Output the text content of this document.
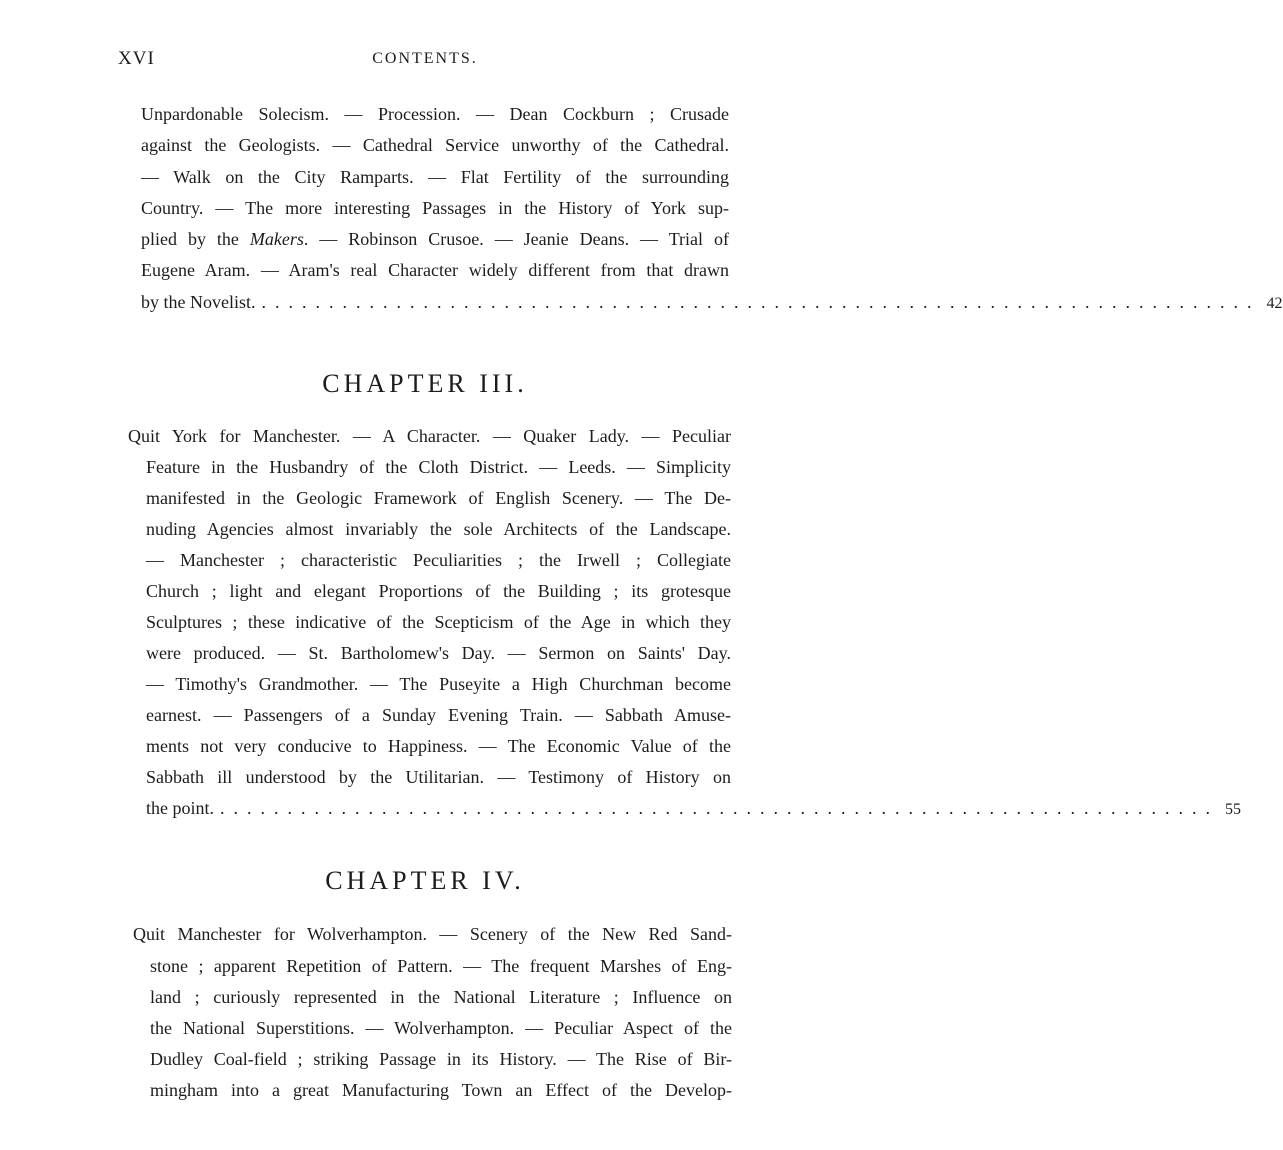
XVI	CONTENTS.
Unpardonable Solecism. — Procession. — Dean Cockburn ; Crusade
against the Geologists. — Cathedral Service unworthy of the Cathedral.
— Walk on the City Ramparts. — Flat Fertility of the surrounding
Country. — The more interesting Passages in the History of York sup-
plied by the Makers. — Robinson Crusoe. — Jeanie Deans. — Trial of
Eugene Aram. — Aram's real Character widely different from that drawn
by the Novelist. .......................................................................... 42
CHAPTER III.
Quit York for Manchester. — A Character. — Quaker Lady. — Peculiar
Feature in the Husbandry of the Cloth District. — Leeds. — Simplicity
manifested in the Geologic Framework of English Scenery. — The De-
nuding Agencies almost invariably the sole Architects of the Landscape.
— Manchester ; characteristic Peculiarities ; the Irwell ; Collegiate
Church ; light and elegant Proportions of the Building ; its grotesque
Sculptures ; these indicative of the Scepticism of the Age in which they
were produced. — St. Bartholomew's Day. — Sermon on Saints' Day.
— Timothy's Grandmother. — The Puseyite a High Churchman become
earnest. — Passengers of a Sunday Evening Train. — Sabbath Amuse-
ments not very conducive to Happiness. — The Economic Value of the
Sabbath ill understood by the Utilitarian. — Testimony of History on
the point. .......................................................................... 55
CHAPTER IV.
Quit Manchester for Wolverhampton. — Scenery of the New Red Sand-
stone ; apparent Repetition of Pattern. — The frequent Marshes of Eng-
land ; curiously represented in the National Literature ; Influence on
the National Superstitions. — Wolverhampton. — Peculiar Aspect of the
Dudley Coal-field ; striking Passage in its History. — The Rise of Bir-
mingham into a great Manufacturing Town an Effect of the Develop-
